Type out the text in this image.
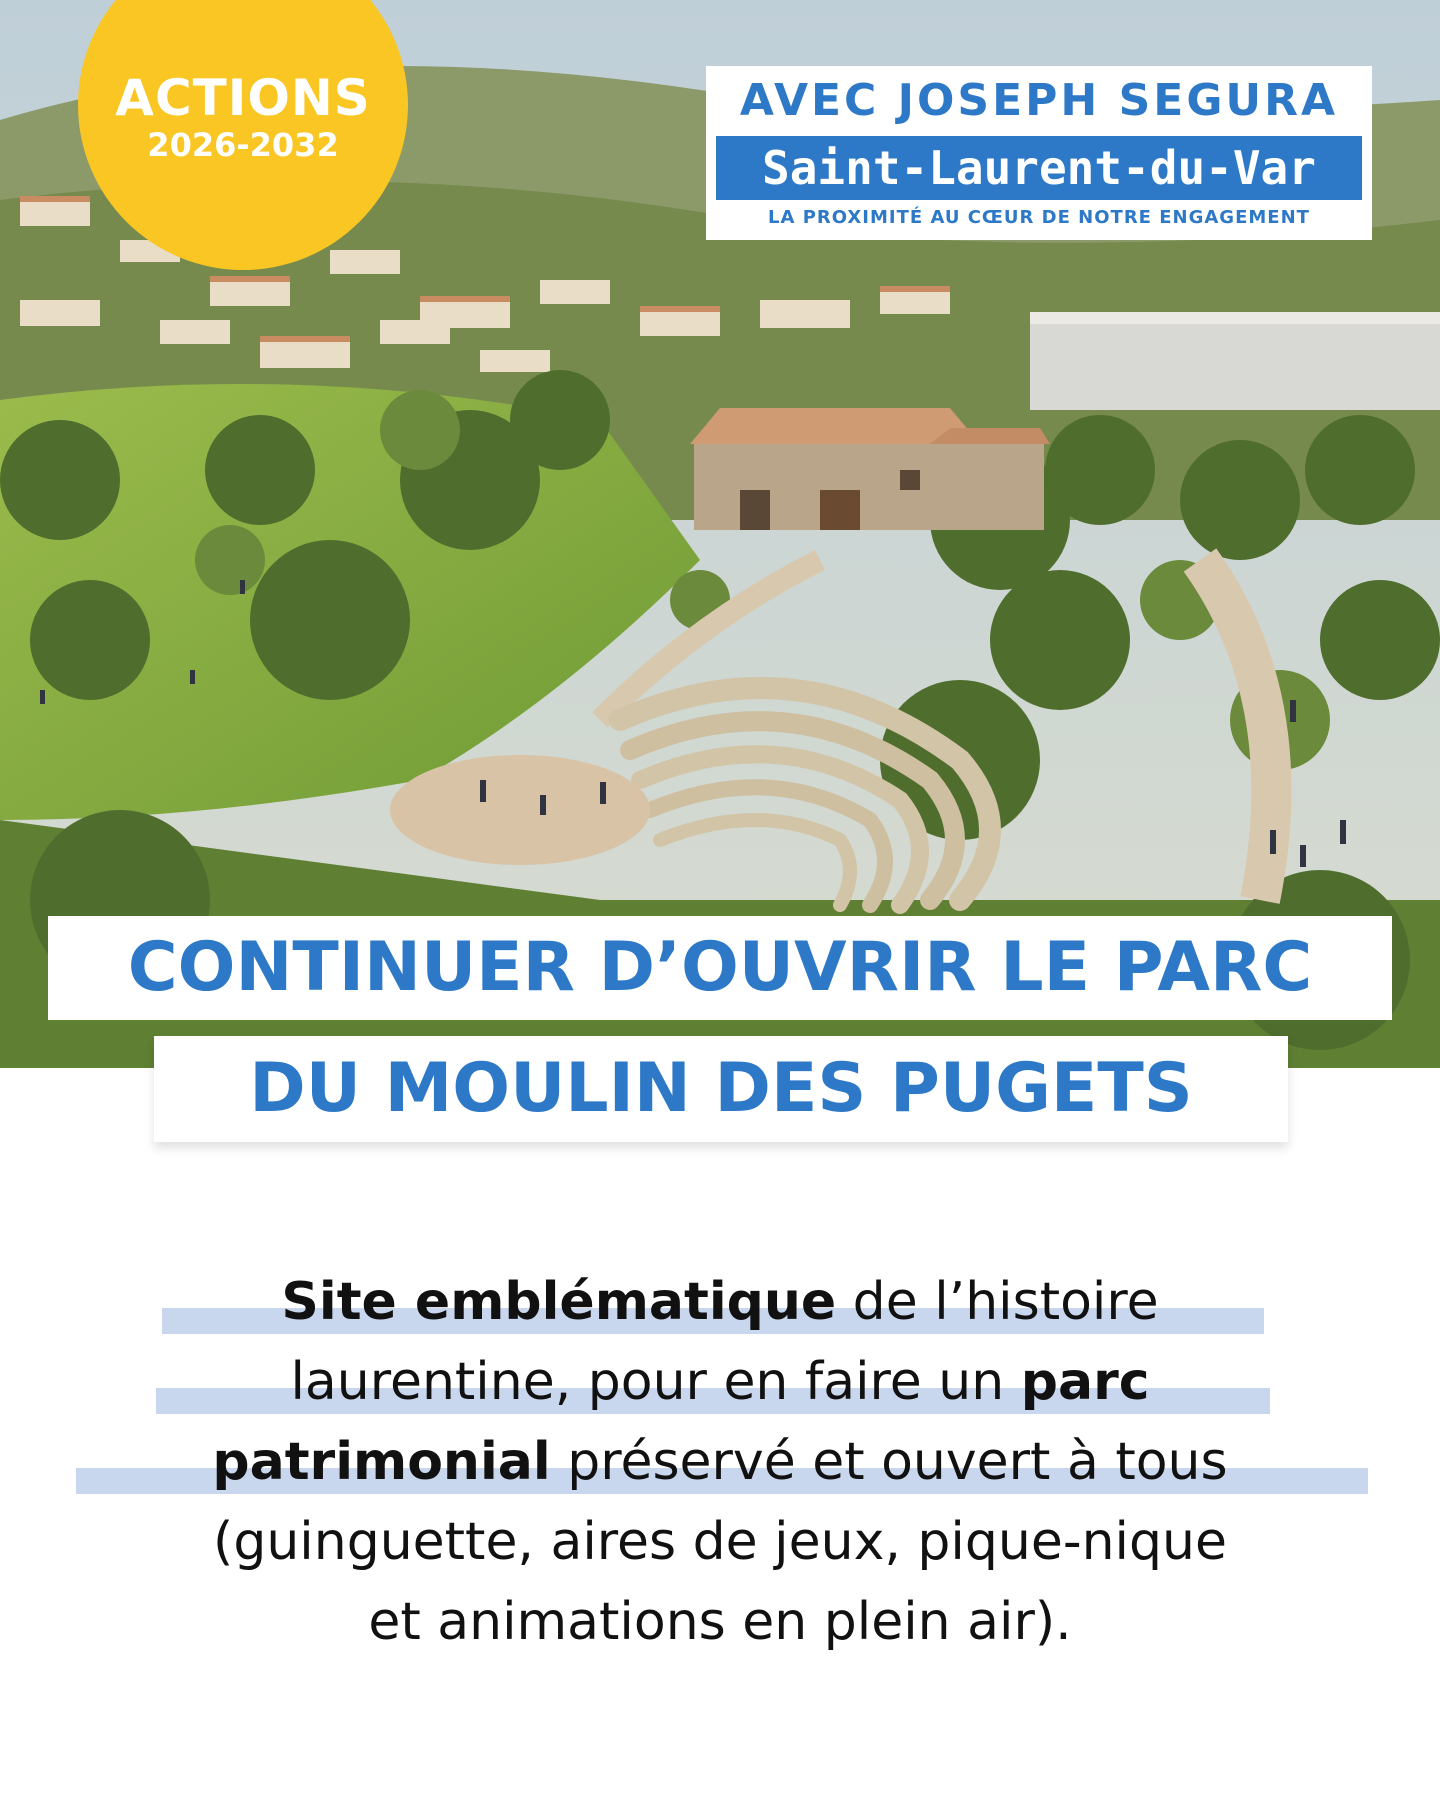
ACTIONS
2026-2032
AVEC JOSEPH SEGURA
Saint-Laurent-du-Var
LA PROXIMITÉ AU CŒUR DE NOTRE ENGAGEMENT
CONTINUER D’OUVRIR LE PARC
DU MOULIN DES PUGETS
Site emblématique de l’histoire
laurentine, pour en faire un parc
patrimonial préservé et ouvert à tous
(guinguette, aires de jeux, pique-nique
et animations en plein air).
